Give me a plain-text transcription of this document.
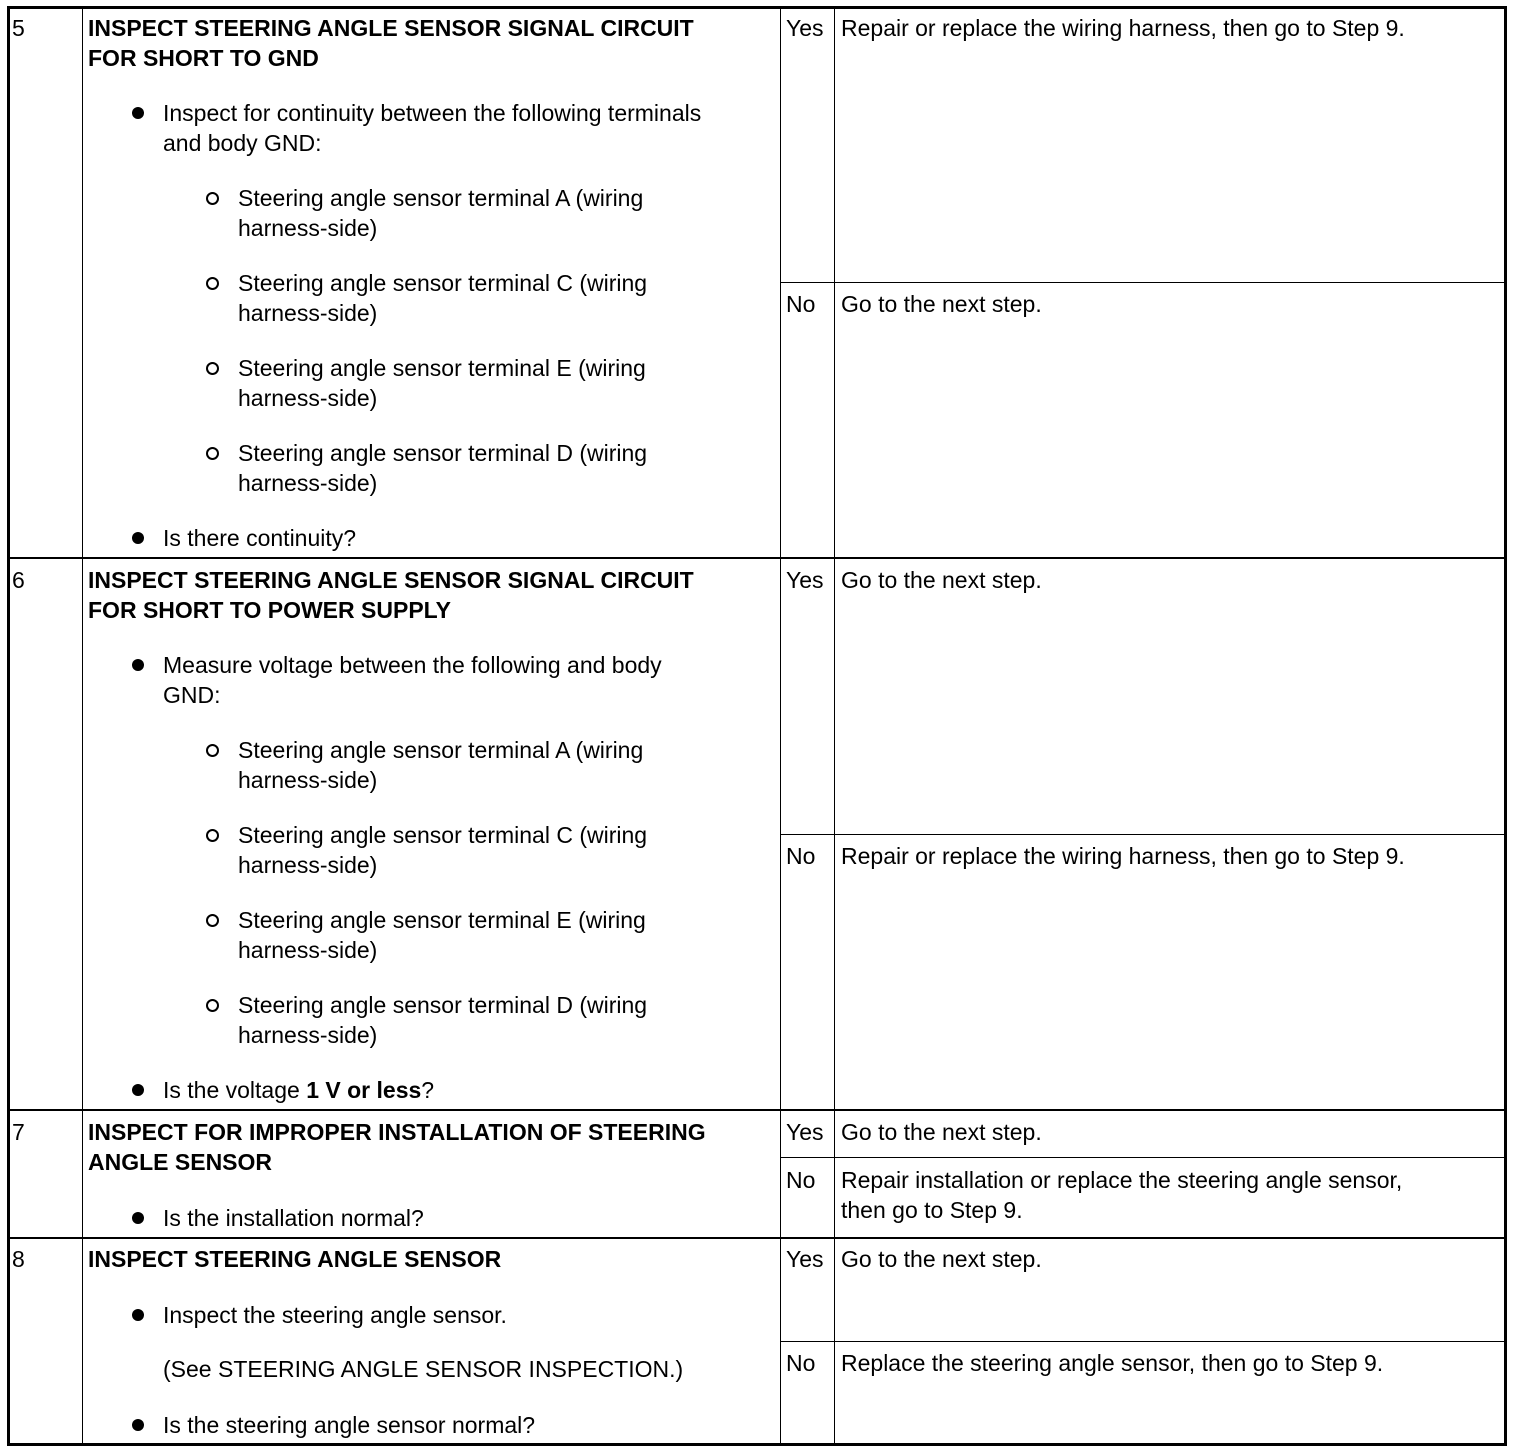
5	INSPECT STEERING ANGLE SENSOR SIGNAL CIRCUIT
FOR SHORT TO GND
Inspect for continuity between the following terminals
and body GND:
Steering angle sensor terminal A (wiring
harness-side)
Steering angle sensor terminal C (wiring
harness-side)
Steering angle sensor terminal E (wiring
harness-side)
Steering angle sensor terminal D (wiring
harness-side)
Is there continuity?
Yes Repair or replace the wiring harness, then go to Step 9.
No Go to the next step.
6	INSPECT STEERING ANGLE SENSOR SIGNAL CIRCUIT
FOR SHORT TO POWER SUPPLY
Measure voltage between the following and body
GND:
Steering angle sensor terminal A (wiring
harness-side)
Steering angle sensor terminal C (wiring
harness-side)
Steering angle sensor terminal E (wiring
harness-side)
Steering angle sensor terminal D (wiring
harness-side)
Is the voltage 1 V or less?
Yes Go to the next step.
No Repair or replace the wiring harness, then go to Step 9.
7	INSPECT FOR IMPROPER INSTALLATION OF STEERING
ANGLE SENSOR
Is the installation normal?
Yes Go to the next step.
No Repair installation or replace the steering angle sensor,
then go to Step 9.
8	INSPECT STEERING ANGLE SENSOR
Inspect the steering angle sensor.
(See STEERING ANGLE SENSOR INSPECTION.)
Is the steering angle sensor normal?
Yes Go to the next step.
No Replace the steering angle sensor, then go to Step 9.
